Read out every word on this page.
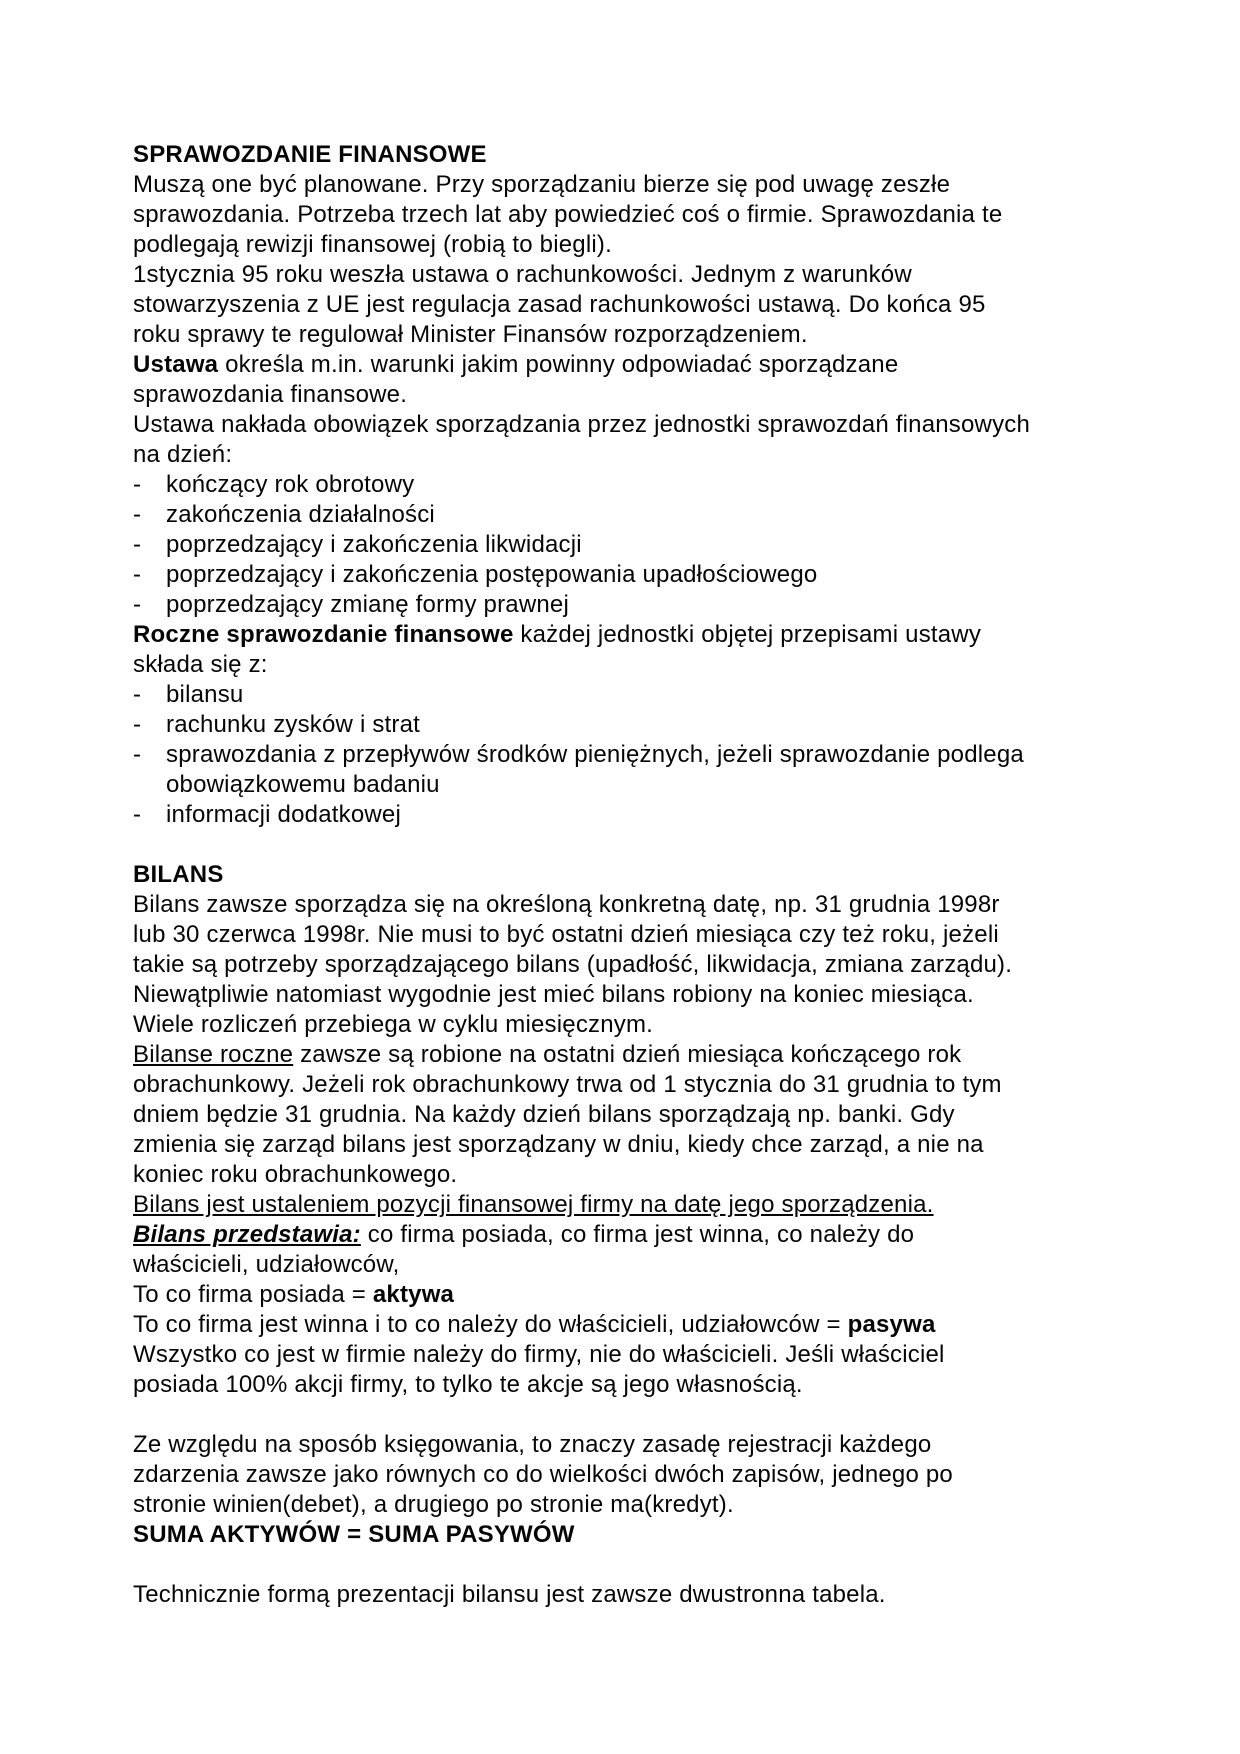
SPRAWOZDANIE FINANSOWE
Muszą one być planowane. Przy sporządzaniu bierze się pod uwagę zeszłe
sprawozdania. Potrzeba trzech lat aby powiedzieć coś o firmie. Sprawozdania te
podlegają rewizji finansowej (robią to biegli).
1stycznia 95 roku weszła ustawa o rachunkowości. Jednym z warunków
stowarzyszenia z UE jest regulacja zasad rachunkowości ustawą. Do końca 95
roku sprawy te regulował Minister Finansów rozporządzeniem.
Ustawa określa m.in. warunki jakim powinny odpowiadać sporządzane
sprawozdania finansowe.
Ustawa nakłada obowiązek sporządzania przez jednostki sprawozdań finansowych
na dzień:
- kończący rok obrotowy
- zakończenia działalności
- poprzedzający i zakończenia likwidacji
- poprzedzający i zakończenia postępowania upadłościowego
- poprzedzający zmianę formy prawnej
Roczne sprawozdanie finansowe każdej jednostki objętej przepisami ustawy
składa się z:
- bilansu
- rachunku zysków i strat
- sprawozdania z przepływów środków pieniężnych, jeżeli sprawozdanie podlega
obowiązkowemu badaniu
- informacji dodatkowej

BILANS
Bilans zawsze sporządza się na określoną konkretną datę, np. 31 grudnia 1998r
lub 30 czerwca 1998r. Nie musi to być ostatni dzień miesiąca czy też roku, jeżeli
takie są potrzeby sporządzającego bilans (upadłość, likwidacja, zmiana zarządu).
Niewątpliwie natomiast wygodnie jest mieć bilans robiony na koniec miesiąca.
Wiele rozliczeń przebiega w cyklu miesięcznym.
Bilanse roczne zawsze są robione na ostatni dzień miesiąca kończącego rok
obrachunkowy. Jeżeli rok obrachunkowy trwa od 1 stycznia do 31 grudnia to tym
dniem będzie 31 grudnia. Na każdy dzień bilans sporządzają np. banki. Gdy
zmienia się zarząd bilans jest sporządzany w dniu, kiedy chce zarząd, a nie na
koniec roku obrachunkowego.
Bilans jest ustaleniem pozycji finansowej firmy na datę jego sporządzenia.
Bilans przedstawia: co firma posiada, co firma jest winna, co należy do
właścicieli, udziałowców,
To co firma posiada = aktywa
To co firma jest winna i to co należy do właścicieli, udziałowców = pasywa
Wszystko co jest w firmie należy do firmy, nie do właścicieli. Jeśli właściciel
posiada 100% akcji firmy, to tylko te akcje są jego własnością.

Ze względu na sposób księgowania, to znaczy zasadę rejestracji każdego
zdarzenia zawsze jako równych co do wielkości dwóch zapisów, jednego po
stronie winien(debet), a drugiego po stronie ma(kredyt).
SUMA AKTYWÓW = SUMA PASYWÓW

Technicznie formą prezentacji bilansu jest zawsze dwustronna tabela.
